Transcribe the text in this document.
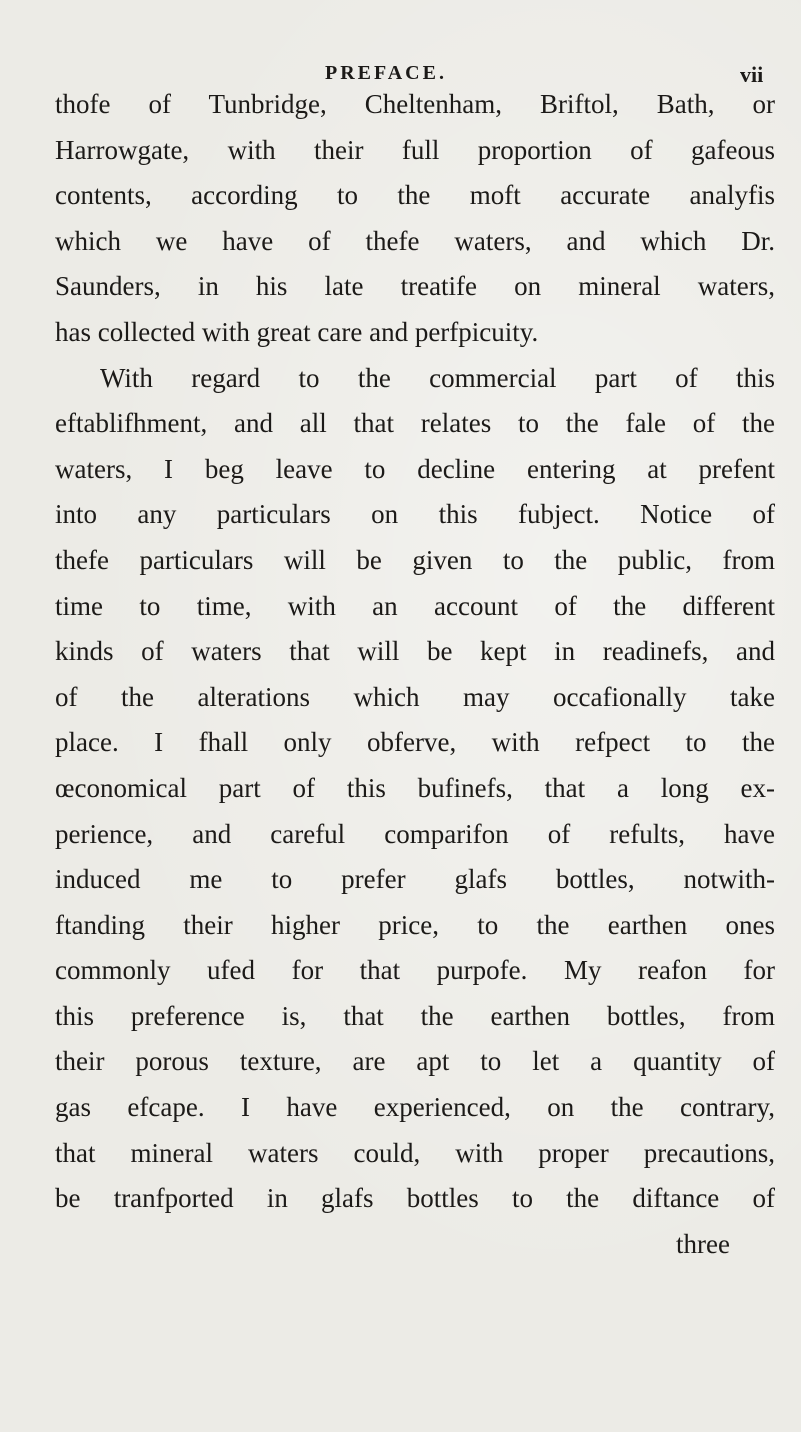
PREFACE.	vii
thofe of Tunbridge, Cheltenham, Briftol, Bath, or
Harrowgate, with their full proportion of gafeous
contents, according to the moft accurate analyfis
which we have of thefe waters, and which Dr.
Saunders, in his late treatife on mineral waters,
has collected with great care and perfpicuity.
With regard to the commercial part of this
eftablifhment, and all that relates to the fale of the
waters, I beg leave to decline entering at prefent
into any particulars on this fubject. Notice of
thefe particulars will be given to the public, from
time to time, with an account of the different
kinds of waters that will be kept in readinefs, and
of the alterations which may occafionally take
place. I fhall only obferve, with refpect to the
œconomical part of this bufinefs, that a long ex-
perience, and careful comparifon of refults, have
induced me to prefer glafs bottles, notwith-
ftanding their higher price, to the earthen ones
commonly ufed for that purpofe. My reafon for
this preference is, that the earthen bottles, from
their porous texture, are apt to let a quantity of
gas efcape. I have experienced, on the contrary,
that mineral waters could, with proper precautions,
be tranfported in glafs bottles to the diftance of
three
